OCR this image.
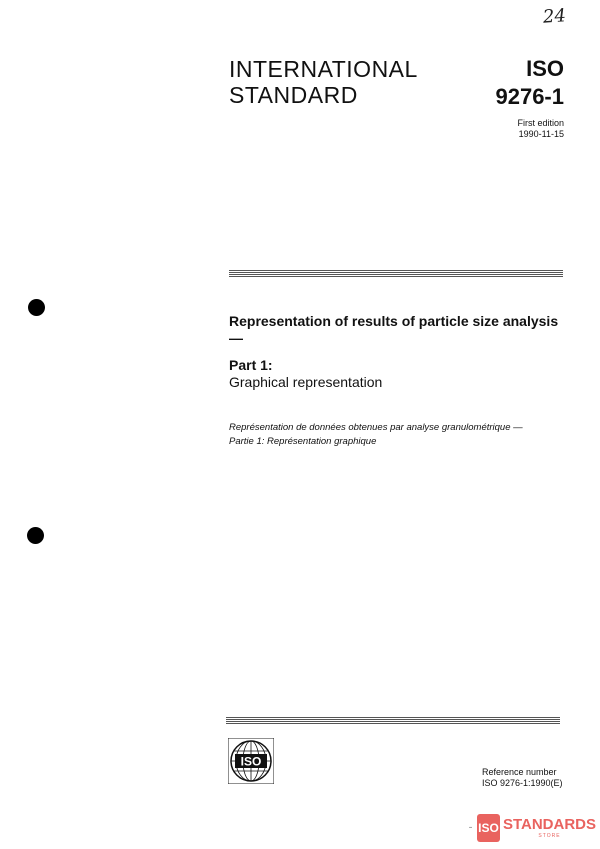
24
INTERNATIONAL
STANDARD
ISO
9276-1
First edition
1990-11-15
Representation of results of particle size analysis —
Part 1:
Graphical representation
Représentation de données obtenues par analyse granulométrique —
Partie 1: Représentation graphique
ISO
Reference number
ISO 9276-1:1990(E)
⁃ ISO STANDARDS
STORE
